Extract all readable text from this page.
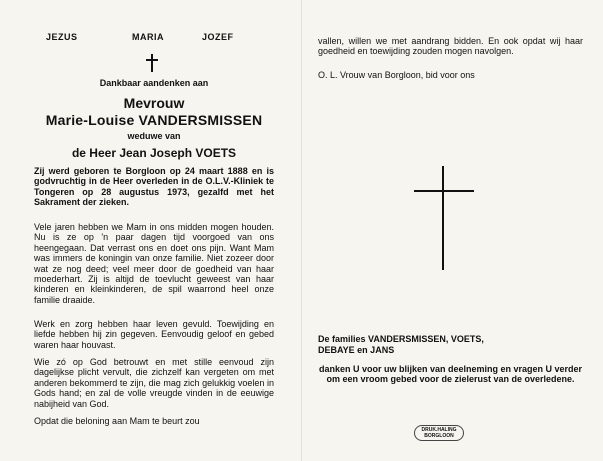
JEZUS	MARIA	JOZEF
Dankbaar aandenken aan
Mevrouw
Marie-Louise VANDERSMISSEN
weduwe van
de Heer Jean Joseph VOETS
Zij werd geboren te Borgloon op 24 maart 1888 en is godvruchtig in de Heer overleden in de O.L.V.-Kliniek te Tongeren op 28 augustus 1973, gezalfd met het Sakrament der zieken.
Vele jaren hebben we Mam in ons midden mogen houden. Nu is ze op 'n paar dagen tijd voorgoed van ons heengegaan. Dat verrast ons en doet ons pijn. Want Mam was immers de koningin van onze familie. Niet zozeer door wat ze nog deed; veel meer door de goedheid van haar moederhart. Zij is altijd de toevlucht geweest van haar kinderen en kleinkinderen, de spil waarrond heel onze familie draaide.
Werk en zorg hebben haar leven gevuld. Toewijding en liefde hebben hij zin gegeven. Eenvoudig geloof en gebed waren haar houvast.
Wie zó op God betrouwt en met stille eenvoud zijn dagelijkse plicht vervult, die zichzelf kan vergeten om met anderen bekommerd te zijn, die mag zich gelukkig voelen in Gods hand; en zal de volle vreugde vinden in de eeuwige nabijheid van God.
Opdat die beloning aan Mam te beurt zou
vallen, willen we met aandrang bidden. En ook opdat wij haar goedheid en toewijding zouden mogen navolgen.
O. L. Vrouw van Borgloon, bid voor ons
De families VANDERSMISSEN, VOETS,
DEBAYE en JANS
danken U voor uw blijken van deelneming en vragen U verder om een vroom gebed voor de zielerust van de overledene.
DRUK.HALING
BORGLOON
